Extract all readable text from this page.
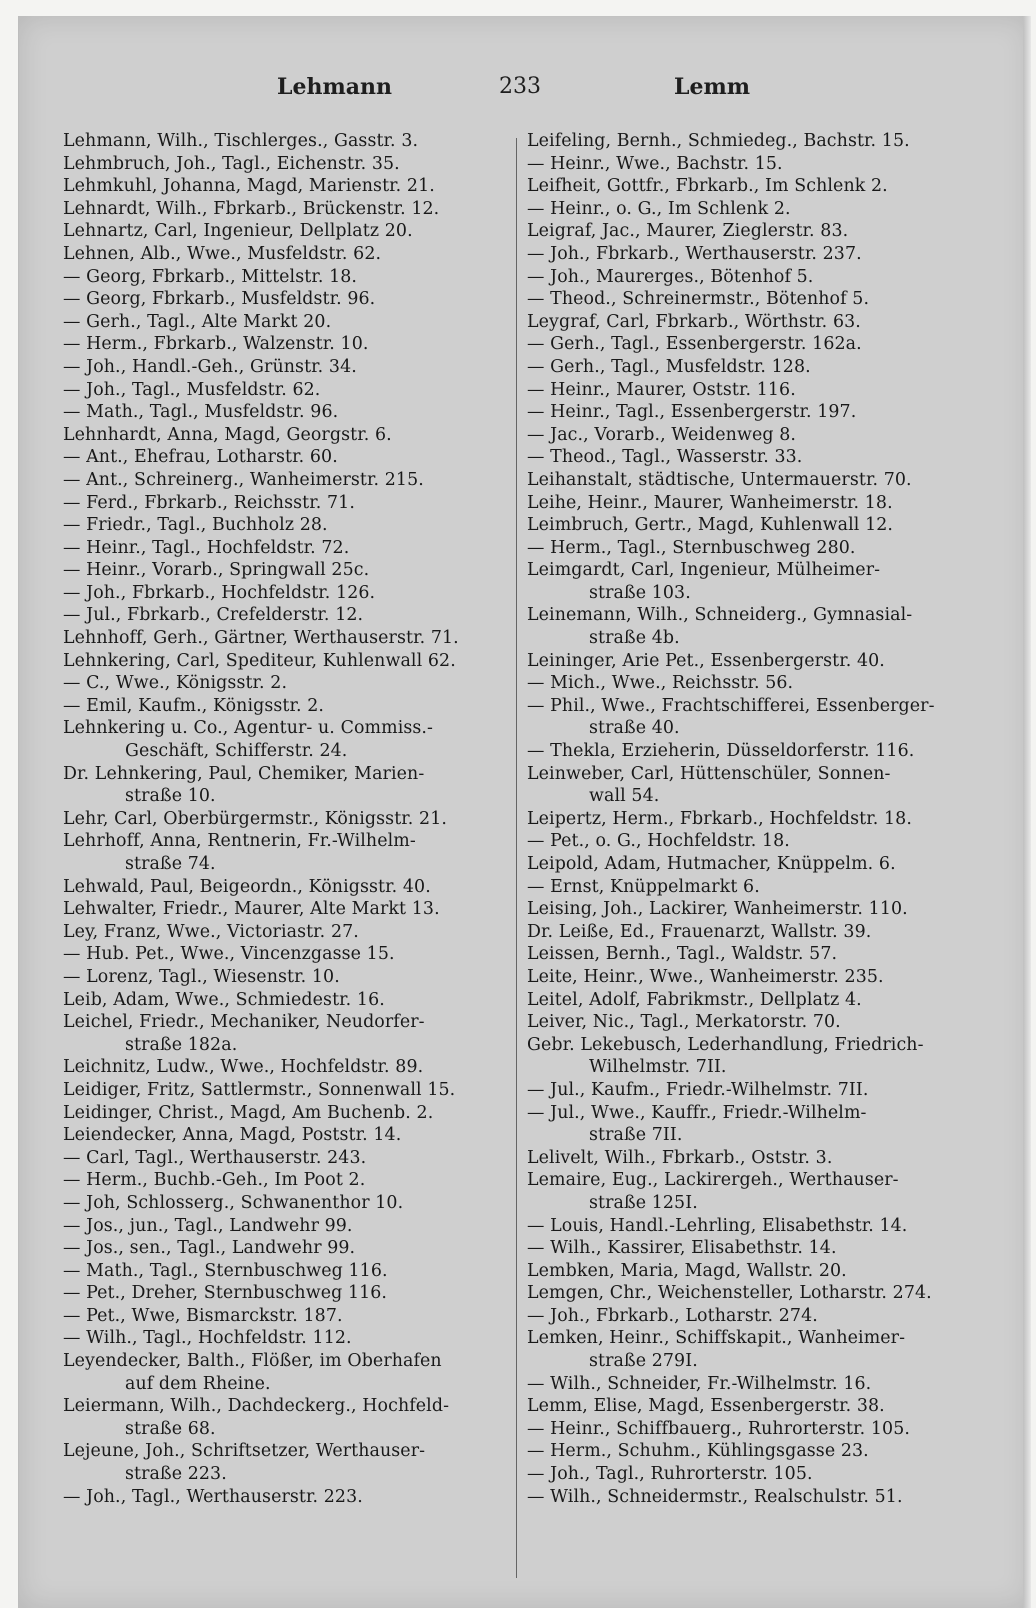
Lehmann	233	Lemm
Lehmann, Wilh., Tischlerges., Gasstr. 3.
Lehmbruch, Joh., Tagl., Eichenstr. 35.
Lehmkuhl, Johanna, Magd, Marienstr. 21.
Lehnardt, Wilh., Fbrkarb., Brückenstr. 12.
Lehnartz, Carl, Ingenieur, Dellplatz 20.
Lehnen, Alb., Wwe., Musfeldstr. 62.
— Georg, Fbrkarb., Mittelstr. 18.
— Georg, Fbrkarb., Musfeldstr. 96.
— Gerh., Tagl., Alte Markt 20.
— Herm., Fbrkarb., Walzenstr. 10.
— Joh., Handl.-Geh., Grünstr. 34.
— Joh., Tagl., Musfeldstr. 62.
— Math., Tagl., Musfeldstr. 96.
Lehnhardt, Anna, Magd, Georgstr. 6.
— Ant., Ehefrau, Lotharstr. 60.
— Ant., Schreinerg., Wanheimerstr. 215.
— Ferd., Fbrkarb., Reichsstr. 71.
— Friedr., Tagl., Buchholz 28.
— Heinr., Tagl., Hochfeldstr. 72.
— Heinr., Vorarb., Springwall 25c.
— Joh., Fbrkarb., Hochfeldstr. 126.
— Jul., Fbrkarb., Crefelderstr. 12.
Lehnhoff, Gerh., Gärtner, Werthauserstr. 71.
Lehnkering, Carl, Spediteur, Kuhlenwall 62.
— C., Wwe., Königsstr. 2.
— Emil, Kaufm., Königsstr. 2.
Lehnkering u. Co., Agentur- u. Commiss.-
Geschäft, Schifferstr. 24.
Dr. Lehnkering, Paul, Chemiker, Marien-
straße 10.
Lehr, Carl, Oberbürgermstr., Königsstr. 21.
Lehrhoff, Anna, Rentnerin, Fr.-Wilhelm-
straße 74.
Lehwald, Paul, Beigeordn., Königsstr. 40.
Lehwalter, Friedr., Maurer, Alte Markt 13.
Ley, Franz, Wwe., Victoriastr. 27.
— Hub. Pet., Wwe., Vincenzgasse 15.
— Lorenz, Tagl., Wiesenstr. 10.
Leib, Adam, Wwe., Schmiedestr. 16.
Leichel, Friedr., Mechaniker, Neudorfer-
straße 182a.
Leichnitz, Ludw., Wwe., Hochfeldstr. 89.
Leidiger, Fritz, Sattlermstr., Sonnenwall 15.
Leidinger, Christ., Magd, Am Buchenb. 2.
Leiendecker, Anna, Magd, Poststr. 14.
— Carl, Tagl., Werthauserstr. 243.
— Herm., Buchb.-Geh., Im Poot 2.
— Joh, Schlosserg., Schwanenthor 10.
— Jos., jun., Tagl., Landwehr 99.
— Jos., sen., Tagl., Landwehr 99.
— Math., Tagl., Sternbuschweg 116.
— Pet., Dreher, Sternbuschweg 116.
— Pet., Wwe, Bismarckstr. 187.
— Wilh., Tagl., Hochfeldstr. 112.
Leyendecker, Balth., Flößer, im Oberhafen
auf dem Rheine.
Leiermann, Wilh., Dachdeckerg., Hochfeld-
straße 68.
Lejeune, Joh., Schriftsetzer, Werthauser-
straße 223.
— Joh., Tagl., Werthauserstr. 223.
Leifeling, Bernh., Schmiedeg., Bachstr. 15.
— Heinr., Wwe., Bachstr. 15.
Leifheit, Gottfr., Fbrkarb., Im Schlenk 2.
— Heinr., o. G., Im Schlenk 2.
Leigraf, Jac., Maurer, Zieglerstr. 83.
— Joh., Fbrkarb., Werthauserstr. 237.
— Joh., Maurerges., Bötenhof 5.
— Theod., Schreinermstr., Bötenhof 5.
Leygraf, Carl, Fbrkarb., Wörthstr. 63.
— Gerh., Tagl., Essenbergerstr. 162a.
— Gerh., Tagl., Musfeldstr. 128.
— Heinr., Maurer, Oststr. 116.
— Heinr., Tagl., Essenbergerstr. 197.
— Jac., Vorarb., Weidenweg 8.
— Theod., Tagl., Wasserstr. 33.
Leihanstalt, städtische, Untermauerstr. 70.
Leihe, Heinr., Maurer, Wanheimerstr. 18.
Leimbruch, Gertr., Magd, Kuhlenwall 12.
— Herm., Tagl., Sternbuschweg 280.
Leimgardt, Carl, Ingenieur, Mülheimer-
straße 103.
Leinemann, Wilh., Schneiderg., Gymnasial-
straße 4b.
Leininger, Arie Pet., Essenbergerstr. 40.
— Mich., Wwe., Reichsstr. 56.
— Phil., Wwe., Frachtschifferei, Essenberger-
straße 40.
— Thekla, Erzieherin, Düsseldorferstr. 116.
Leinweber, Carl, Hüttenschüler, Sonnen-
wall 54.
Leipertz, Herm., Fbrkarb., Hochfeldstr. 18.
— Pet., o. G., Hochfeldstr. 18.
Leipold, Adam, Hutmacher, Knüppelm. 6.
— Ernst, Knüppelmarkt 6.
Leising, Joh., Lackirer, Wanheimerstr. 110.
Dr. Leiße, Ed., Frauenarzt, Wallstr. 39.
Leissen, Bernh., Tagl., Waldstr. 57.
Leite, Heinr., Wwe., Wanheimerstr. 235.
Leitel, Adolf, Fabrikmstr., Dellplatz 4.
Leiver, Nic., Tagl., Merkatorstr. 70.
Gebr. Lekebusch, Lederhandlung, Friedrich-
Wilhelmstr. 7II.
— Jul., Kaufm., Friedr.-Wilhelmstr. 7II.
— Jul., Wwe., Kauffr., Friedr.-Wilhelm-
straße 7II.
Lelivelt, Wilh., Fbrkarb., Oststr. 3.
Lemaire, Eug., Lackirergeh., Werthauser-
straße 125I.
— Louis, Handl.-Lehrling, Elisabethstr. 14.
— Wilh., Kassirer, Elisabethstr. 14.
Lembken, Maria, Magd, Wallstr. 20.
Lemgen, Chr., Weichensteller, Lotharstr. 274.
— Joh., Fbrkarb., Lotharstr. 274.
Lemken, Heinr., Schiffskapit., Wanheimer-
straße 279I.
— Wilh., Schneider, Fr.-Wilhelmstr. 16.
Lemm, Elise, Magd, Essenbergerstr. 38.
— Heinr., Schiffbauerg., Ruhrorterstr. 105.
— Herm., Schuhm., Kühlingsgasse 23.
— Joh., Tagl., Ruhrorterstr. 105.
— Wilh., Schneidermstr., Realschulstr. 51.
